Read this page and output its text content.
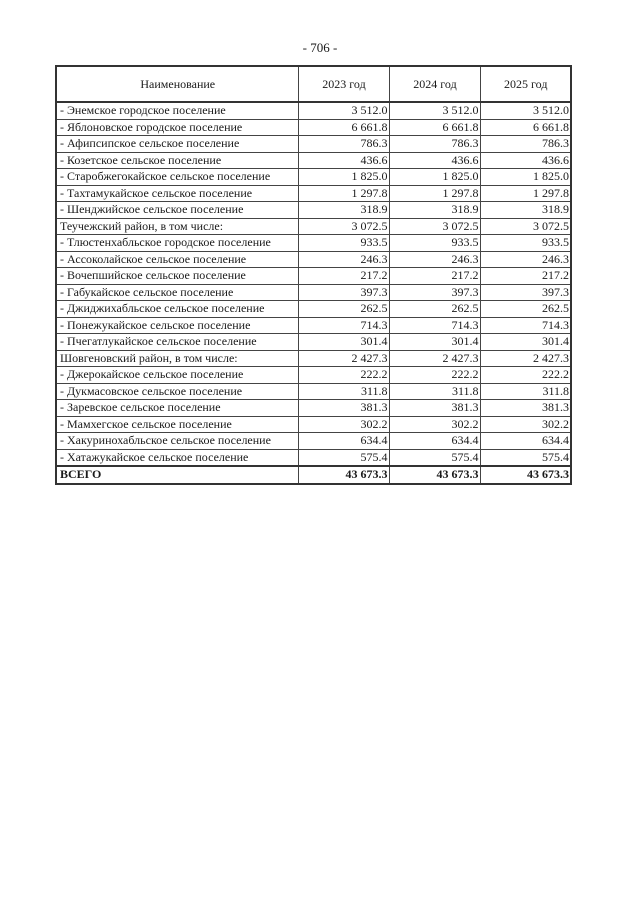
- 706 -
Наименование	2023 год	2024 год	2025 год
- Энемское городское поселение	3 512.0	3 512.0	3 512.0
- Яблоновское городское поселение	6 661.8	6 661.8	6 661.8
- Афипсипское сельское поселение	786.3	786.3	786.3
- Козетское сельское поселение	436.6	436.6	436.6
- Старобжегокайское сельское поселение	1 825.0	1 825.0	1 825.0
- Тахтамукайское сельское поселение	1 297.8	1 297.8	1 297.8
- Шенджийское сельское поселение	318.9	318.9	318.9
Теучежский район, в том числе:	3 072.5	3 072.5	3 072.5
- Тлюстенхабльское городское поселение	933.5	933.5	933.5
- Ассоколайское сельское поселение	246.3	246.3	246.3
- Вочепшийское сельское поселение	217.2	217.2	217.2
- Габукайское сельское поселение	397.3	397.3	397.3
- Джиджихабльское сельское поселение	262.5	262.5	262.5
- Понежукайское сельское поселение	714.3	714.3	714.3
- Пчегатлукайское сельское поселение	301.4	301.4	301.4
Шовгеновский район, в том числе:	2 427.3	2 427.3	2 427.3
- Джерокайское сельское поселение	222.2	222.2	222.2
- Дукмасовское сельское поселение	311.8	311.8	311.8
- Заревское сельское поселение	381.3	381.3	381.3
- Мамхегское сельское поселение	302.2	302.2	302.2
- Хакуринохабльское сельское поселение	634.4	634.4	634.4
- Хатажукайское сельское поселение	575.4	575.4	575.4
ВСЕГО	43 673.3	43 673.3	43 673.3
